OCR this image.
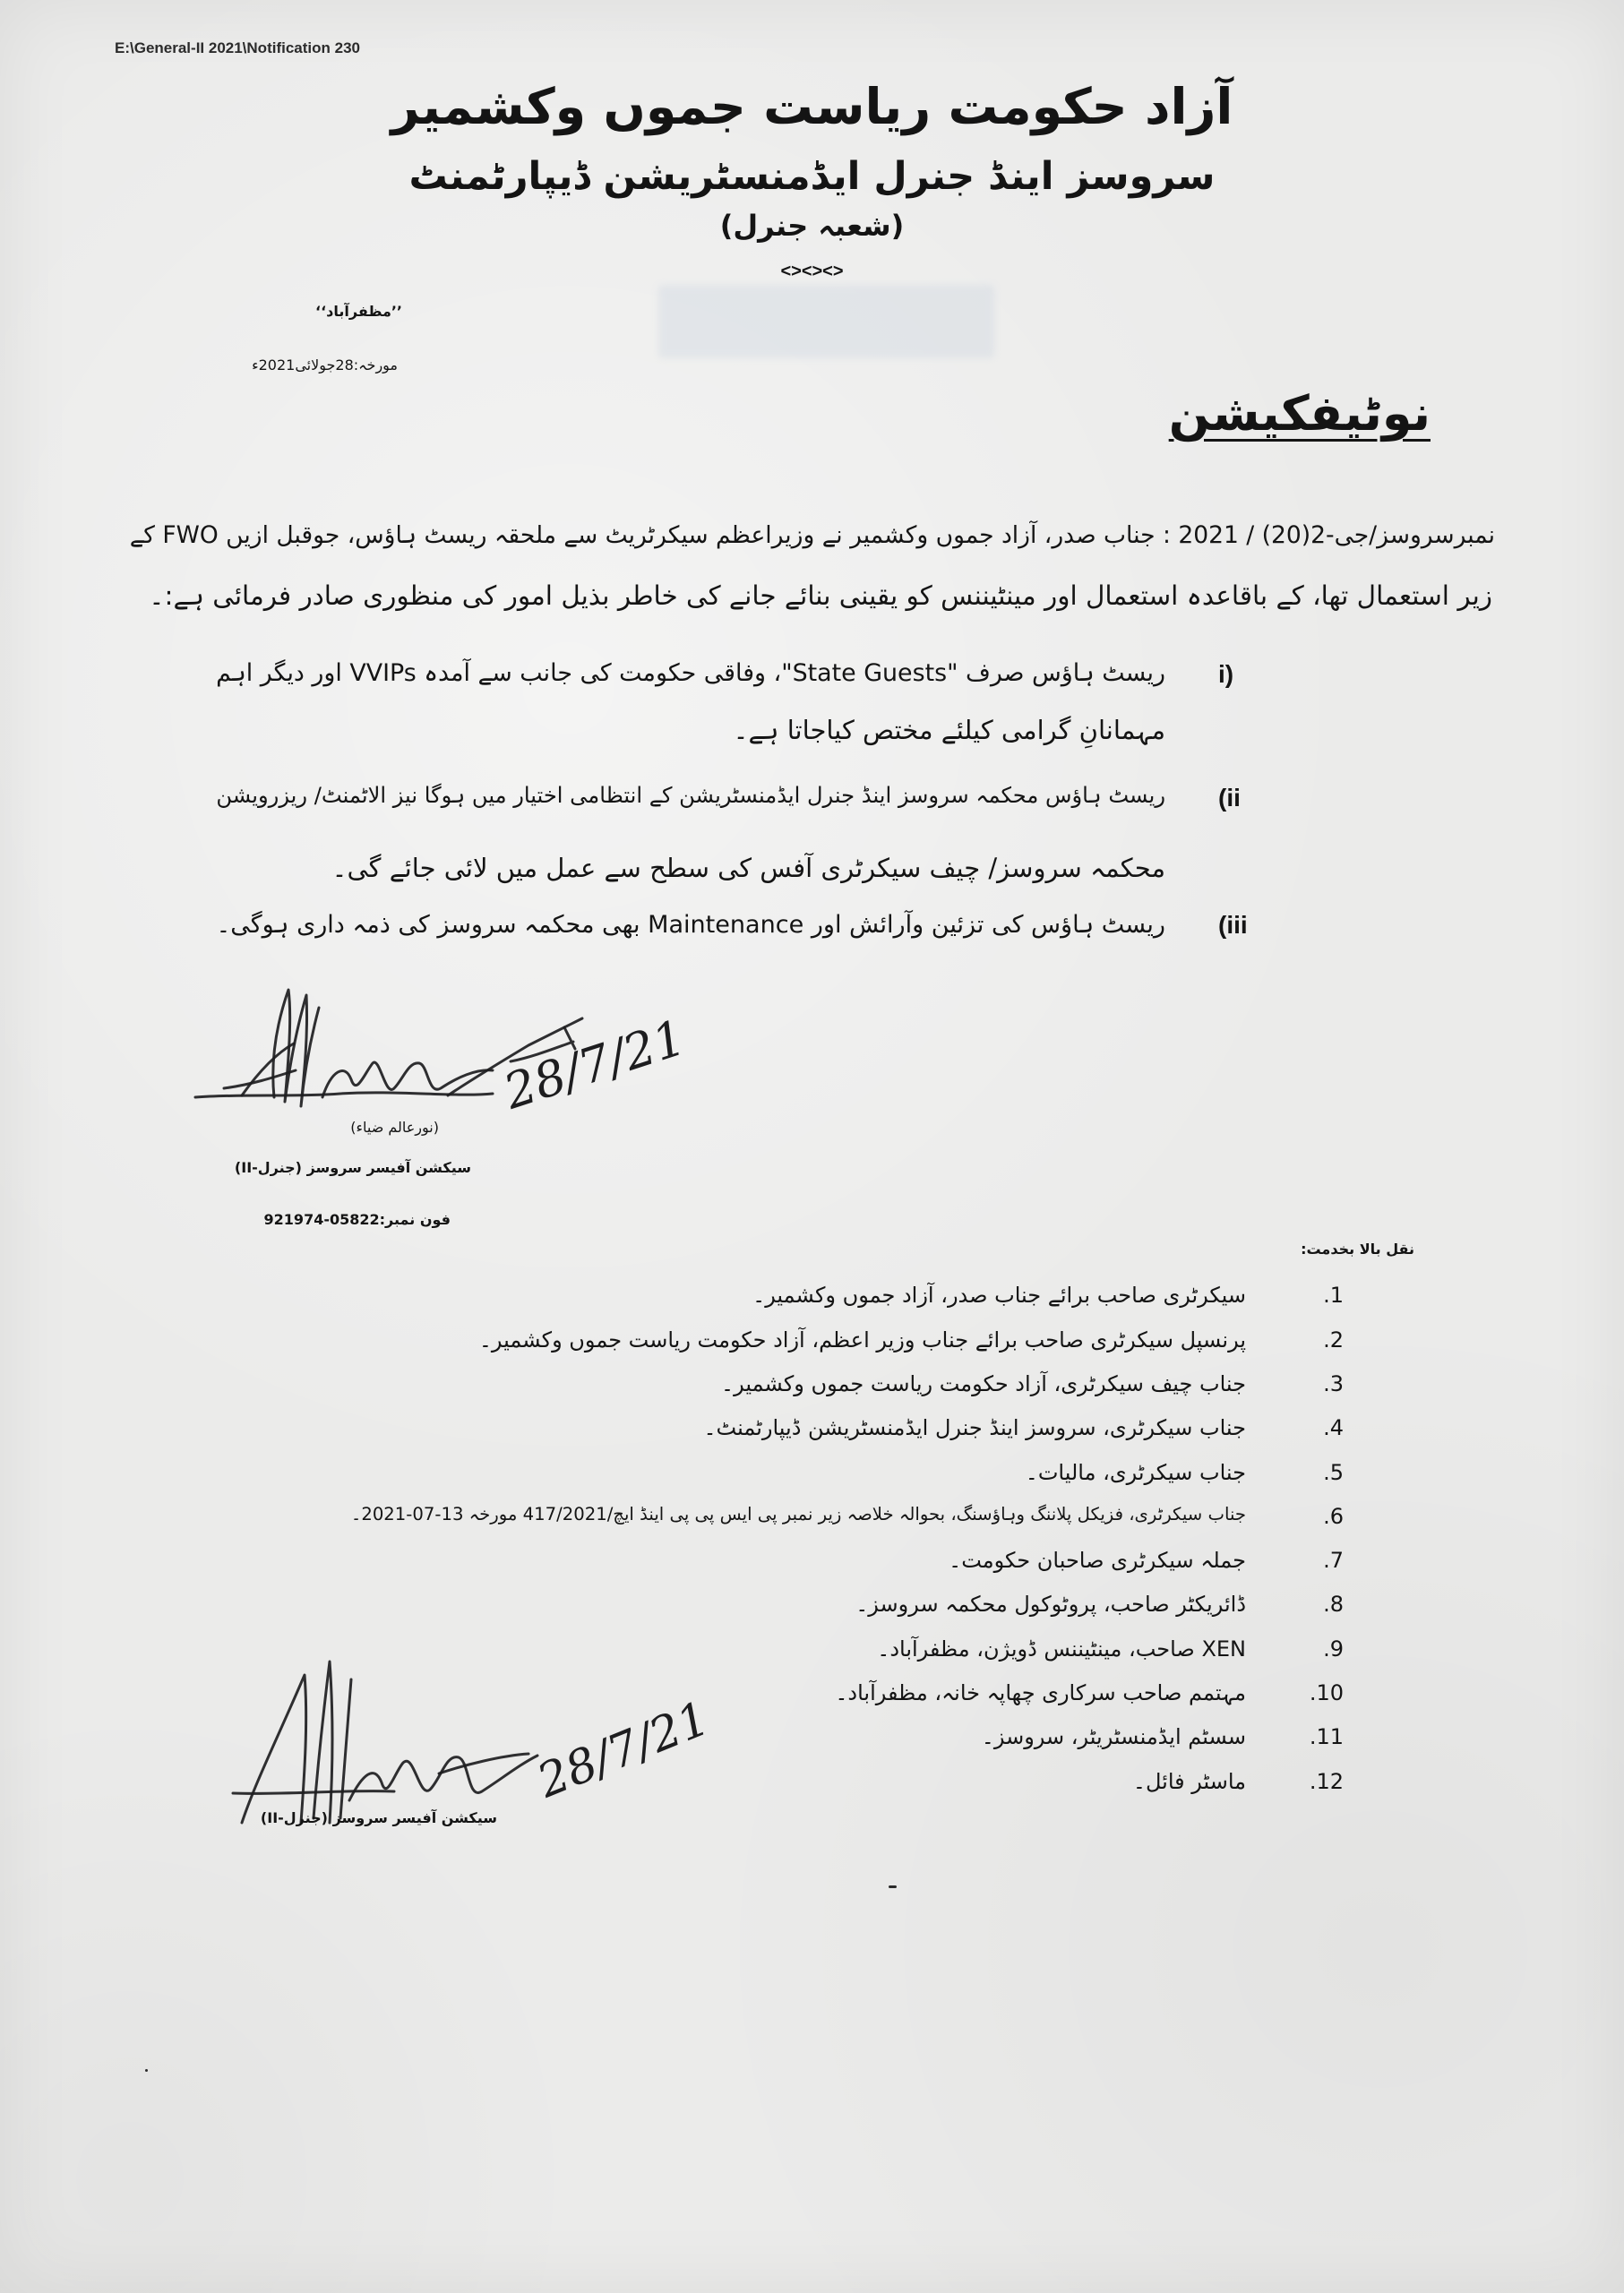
E:\General-II 2021\Notification 230
آزاد حکومت ریاست جموں وکشمیر
سروسز اینڈ جنرل ایڈمنسٹریشن ڈیپارٹمنٹ
(شعبہ جنرل)
<><><>
’’مظفرآباد‘‘
مورخہ:28جولائی2021ء
نوٹیفکیشن
نمبرسروسز/جی-2(20) / 2021 : جناب صدر، آزاد جموں وکشمیر نے وزیراعظم سیکرٹریٹ سے ملحقہ ریسٹ ہاؤس، جوقبل ازیں FWO کے
زیر استعمال تھا، کے باقاعدہ استعمال اور مینٹیننس کو یقینی بنائے جانے کی خاطر بذیل امور کی منظوری صادر فرمائی ہے:۔
i)
ریسٹ ہاؤس صرف "State Guests"، وفاقی حکومت کی جانب سے آمدہ VVIPs اور دیگر اہم
مہمانانِ گرامی کیلئے مختص کیاجاتا ہے۔
(ii
ریسٹ ہاؤس محکمہ سروسز اینڈ جنرل ایڈمنسٹریشن کے انتظامی اختیار میں ہوگا نیز الاٹمنٹ/ ریزرویشن
محکمہ سروسز/ چیف سیکرٹری آفس کی سطح سے عمل میں لائی جائے گی۔
(iii
ریسٹ ہاؤس کی تزئین وآرائش اور Maintenance بھی محکمہ سروسز کی ذمہ داری ہوگی۔
28/7/21
(نورعالم ضیاء)
سیکشن آفیسر سروسز (جنرل-II)
فون نمبر:05822-921974
نقل بالا بخدمت:
1.
سیکرٹری صاحب برائے جناب صدر، آزاد جموں وکشمیر۔
2.
پرنسپل سیکرٹری صاحب برائے جناب وزیر اعظم، آزاد حکومت ریاست جموں وکشمیر۔
3.
جناب چیف سیکرٹری، آزاد حکومت ریاست جموں وکشمیر۔
4.
جناب سیکرٹری، سروسز اینڈ جنرل ایڈمنسٹریشن ڈیپارٹمنٹ۔
5.
جناب سیکرٹری، مالیات۔
6.
جناب سیکرٹری، فزیکل پلاننگ وہاؤسنگ، بحوالہ خلاصہ زیر نمبر پی ایس پی پی اینڈ ایچ/417/2021 مورخہ 13-07-2021۔
7.
جملہ سیکرٹری صاحبان حکومت۔
8.
ڈائریکٹر صاحب، پروٹوکول محکمہ سروسز۔
9.
XEN صاحب، مینٹیننس ڈویژن، مظفرآباد۔
10.
مہتمم صاحب سرکاری چھاپہ خانہ، مظفرآباد۔
11.
سسٹم ایڈمنسٹریٹر، سروسز۔
12.
ماسٹر فائل۔
28/7/21
سیکشن آفیسر سروسز (جنرل-II)
